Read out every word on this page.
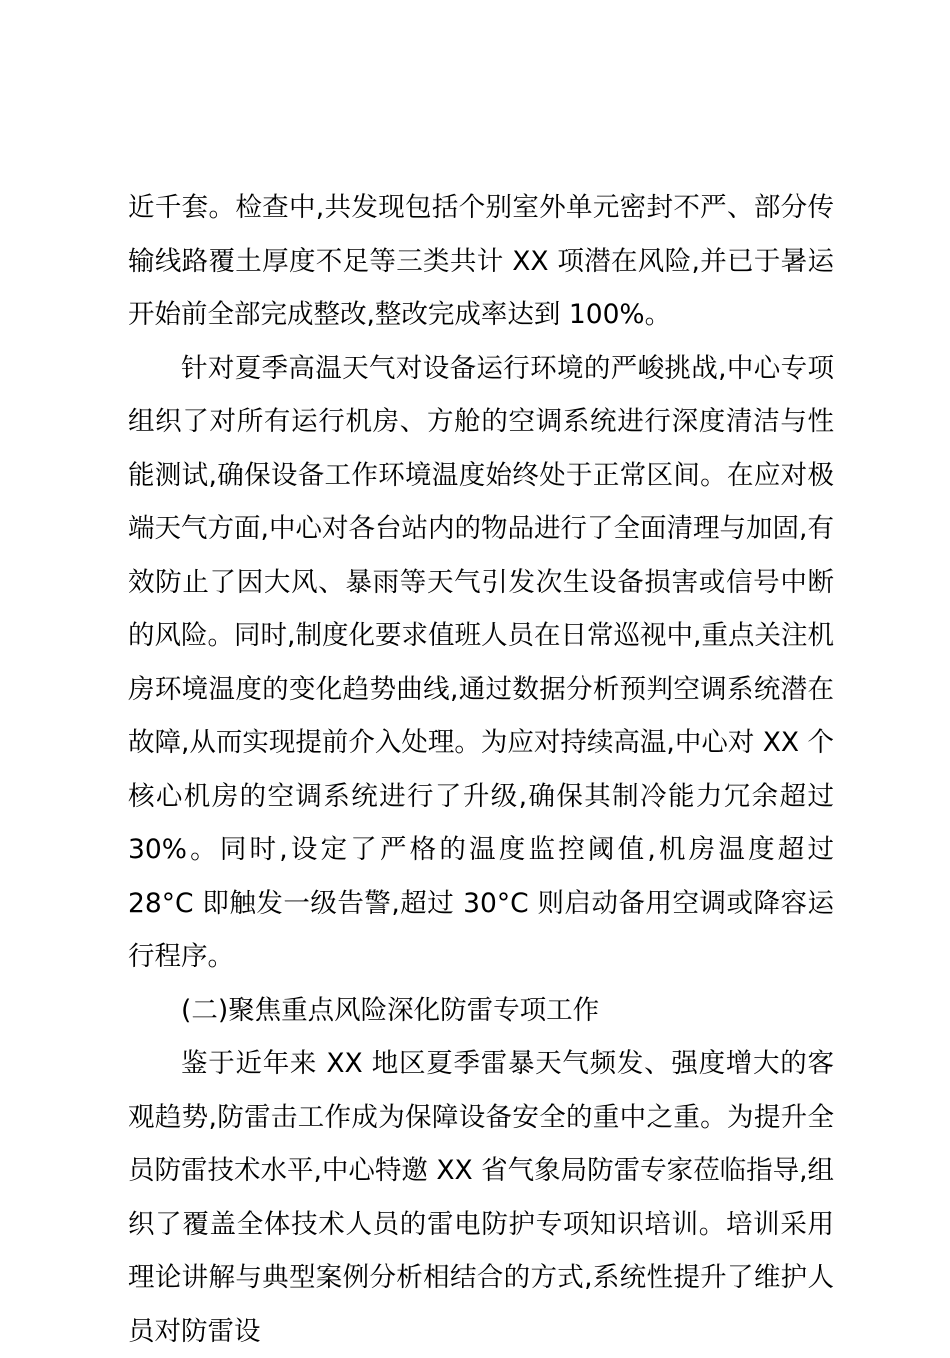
近千套。检查中,共发现包括个别室外单元密封不严、部分传输线路覆土厚度不足等三类共计 XX 项潜在风险,并已于暑运开始前全部完成整改,整改完成率达到 100%。

针对夏季高温天气对设备运行环境的严峻挑战,中心专项组织了对所有运行机房、方舱的空调系统进行深度清洁与性能测试,确保设备工作环境温度始终处于正常区间。在应对极端天气方面,中心对各台站内的物品进行了全面清理与加固,有效防止了因大风、暴雨等天气引发次生设备损害或信号中断的风险。同时,制度化要求值班人员在日常巡视中,重点关注机房环境温度的变化趋势曲线,通过数据分析预判空调系统潜在故障,从而实现提前介入处理。为应对持续高温,中心对 XX 个核心机房的空调系统进行了升级,确保其制冷能力冗余超过 30%。同时,设定了严格的温度监控阈值,机房温度超过 28°C 即触发一级告警,超过 30°C 则启动备用空调或降容运行程序。

(二)聚焦重点风险深化防雷专项工作

鉴于近年来 XX 地区夏季雷暴天气频发、强度增大的客观趋势,防雷击工作成为保障设备安全的重中之重。为提升全员防雷技术水平,中心特邀 XX 省气象局防雷专家莅临指导,组织了覆盖全体技术人员的雷电防护专项知识培训。培训采用理论讲解与典型案例分析相结合的方式,系统性提升了维护人员对防雷设
